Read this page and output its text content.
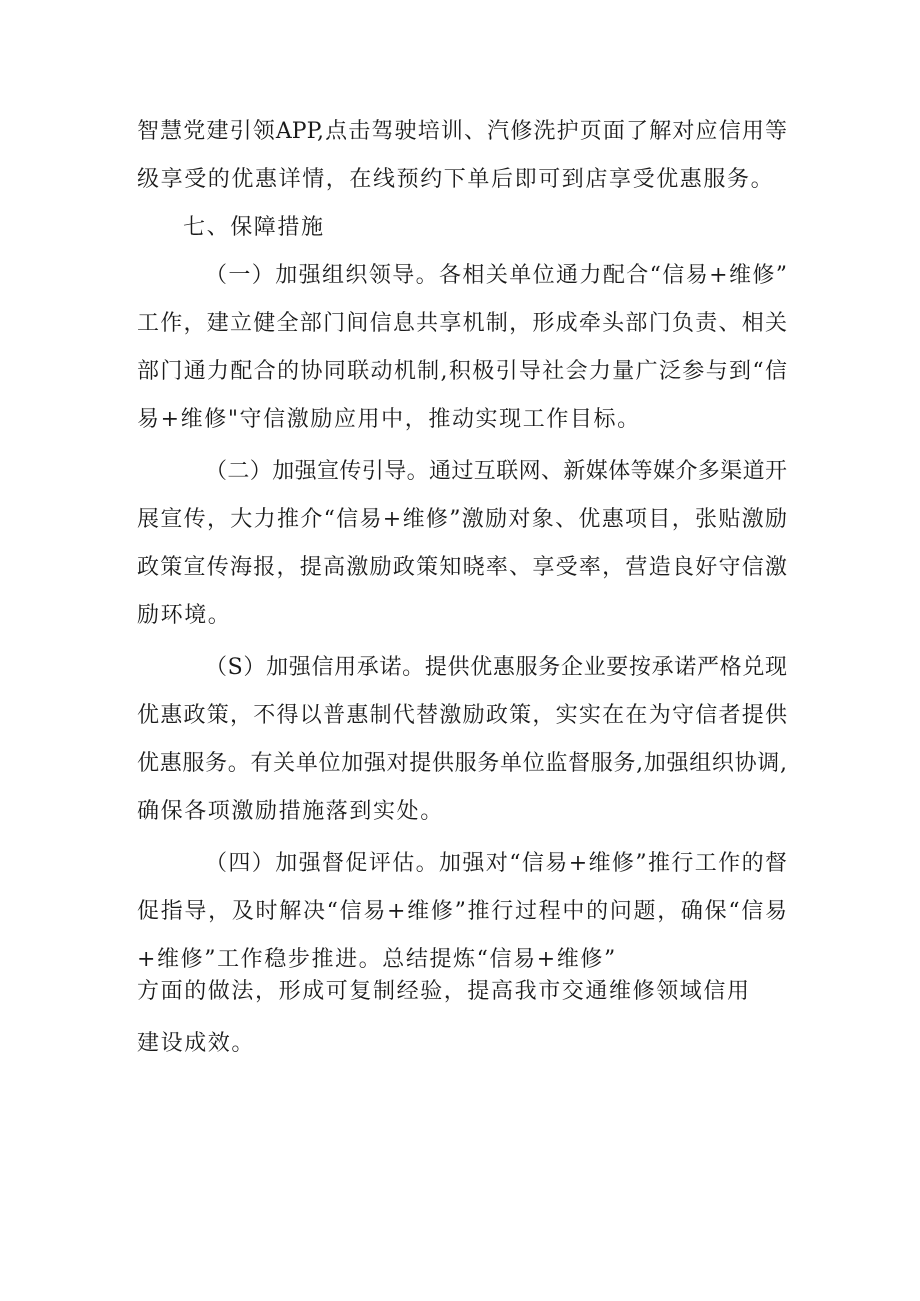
智慧党建引领APP,点击驾驶培训、汽修洗护页面了解对应信用等
级享受的优惠详情，在线预约下单后即可到店享受优惠服务。
七、保障措施
（一）加强组织领导。各相关单位通力配合“信易+维修”
工作，建立健全部门间信息共享机制，形成牵头部门负责、相关
部门通力配合的协同联动机制,积极引导社会力量广泛参与到“信
易+维修"守信激励应用中，推动实现工作目标。
（二）加强宣传引导。通过互联网、新媒体等媒介多渠道开
展宣传，大力推介“信易+维修”激励对象、优惠项目，张贴激励
政策宣传海报，提高激励政策知晓率、享受率，营造良好守信激
励环境。
（S）加强信用承诺。提供优惠服务企业要按承诺严格兑现
优惠政策，不得以普惠制代替激励政策，实实在在为守信者提供
优惠服务。有关单位加强对提供服务单位监督服务,加强组织协调,
确保各项激励措施落到实处。
（四）加强督促评估。加强对“信易+维修”推行工作的督
促指导，及时解决“信易+维修”推行过程中的问题，确保“信易
+维修”工作稳步推进。总结提炼“信易+维修”
方面的做法，形成可复制经验，提高我市交通维修领域信用
建设成效。
